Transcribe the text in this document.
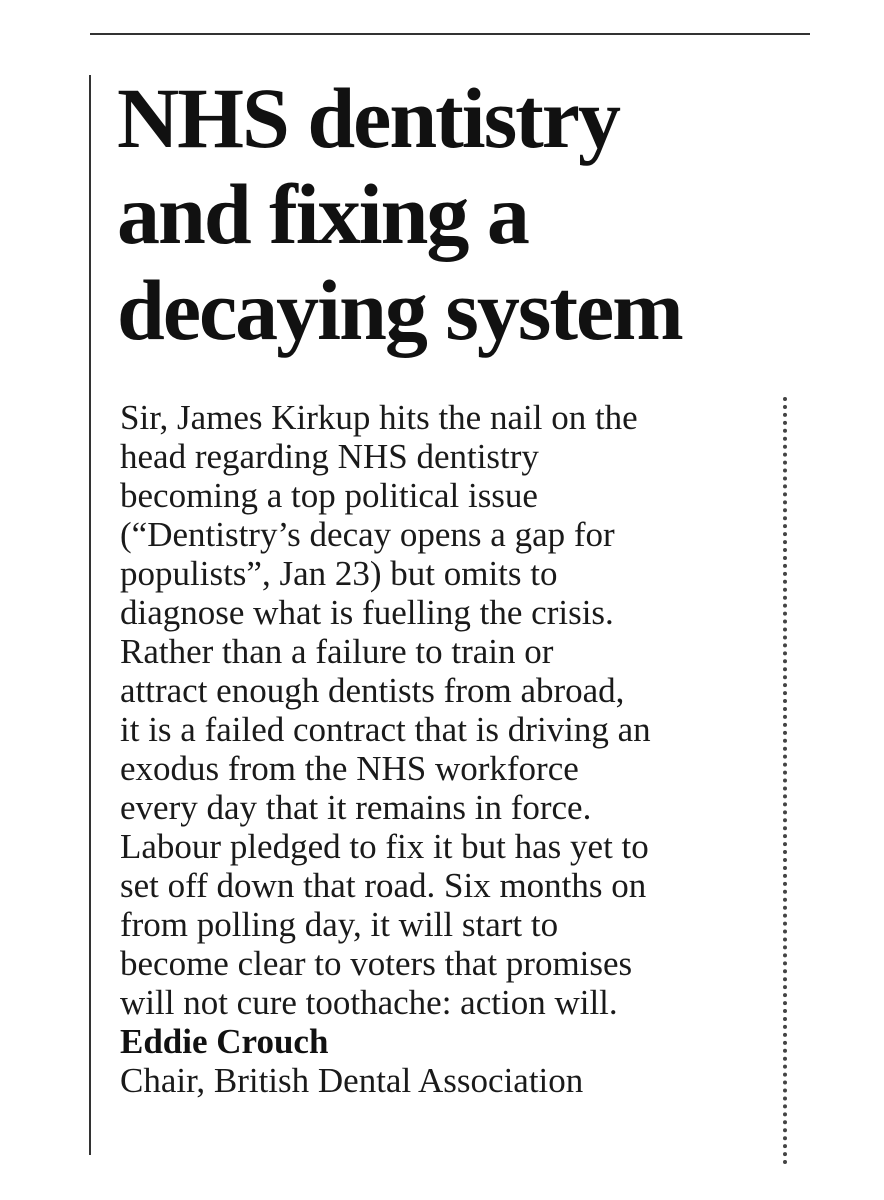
NHS dentistry
and fixing a
decaying system
Sir, James Kirkup hits the nail on the
head regarding NHS dentistry
becoming a top political issue
(“Dentistry’s decay opens a gap for
populists”, Jan 23) but omits to
diagnose what is fuelling the crisis.
Rather than a failure to train or
attract enough dentists from abroad,
it is a failed contract that is driving an
exodus from the NHS workforce
every day that it remains in force.
Labour pledged to fix it but has yet to
set off down that road. Six months on
from polling day, it will start to
become clear to voters that promises
will not cure toothache: action will.
Eddie Crouch
Chair, British Dental Association
